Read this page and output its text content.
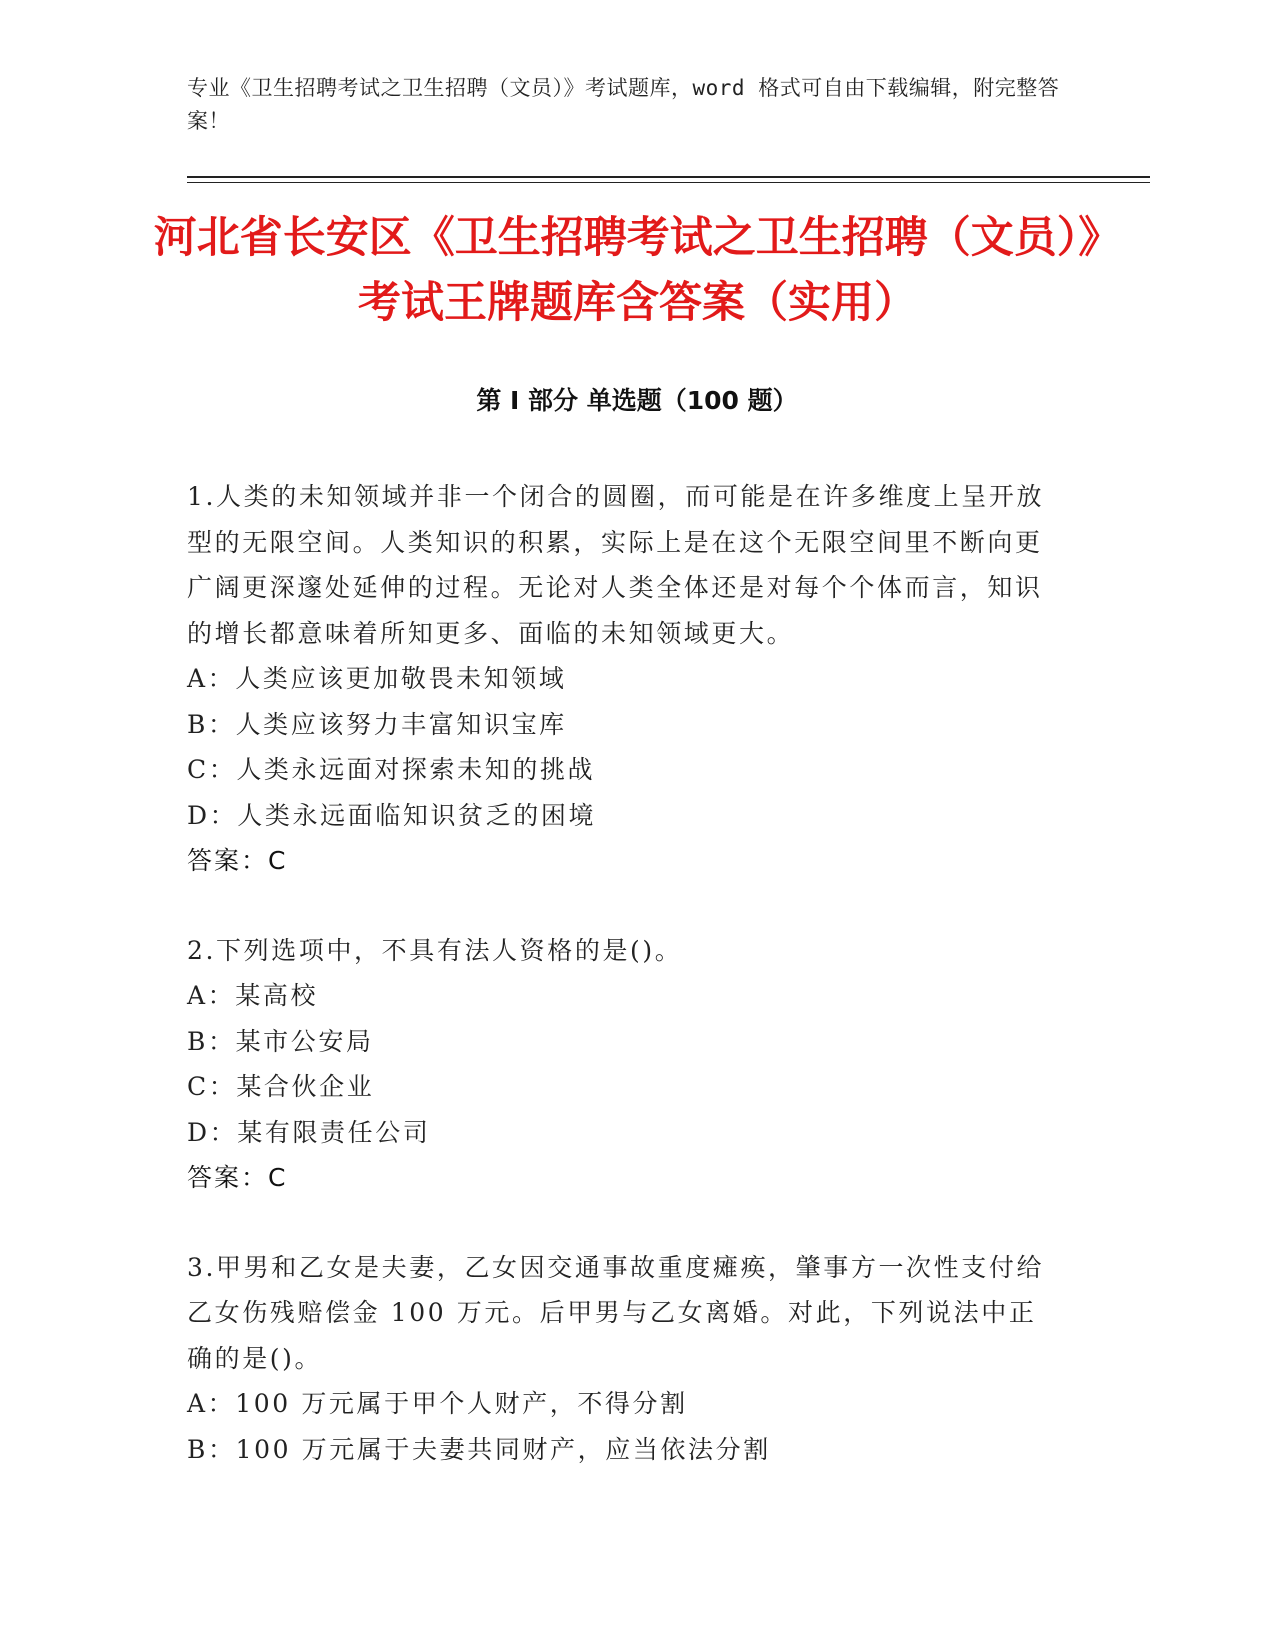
专业《卫生招聘考试之卫生招聘（文员）》考试题库，word 格式可自由下载编辑，附完整答案！
河北省长安区《卫生招聘考试之卫生招聘（文员）》考试王牌题库含答案（实用）
第 I 部分 单选题（100 题）

1.人类的未知领域并非一个闭合的圆圈，而可能是在许多维度上呈开放型的无限空间。人类知识的积累，实际上是在这个无限空间里不断向更广阔更深邃处延伸的过程。无论对人类全体还是对每个个体而言，知识的增长都意味着所知更多、面临的未知领域更大。

A：人类应该更加敬畏未知领域

B：人类应该努力丰富知识宝库

C：人类永远面对探索未知的挑战

D：人类永远面临知识贫乏的困境

答案：C

2.下列选项中，不具有法人资格的是()。

A：某高校

B：某市公安局

C：某合伙企业

D：某有限责任公司

答案：C

3.甲男和乙女是夫妻，乙女因交通事故重度瘫痪，肇事方一次性支付给乙女伤残赔偿金 100 万元。后甲男与乙女离婚。对此，下列说法中正确的是()。

A：100 万元属于甲个人财产，不得分割

B：100 万元属于夫妻共同财产，应当依法分割
